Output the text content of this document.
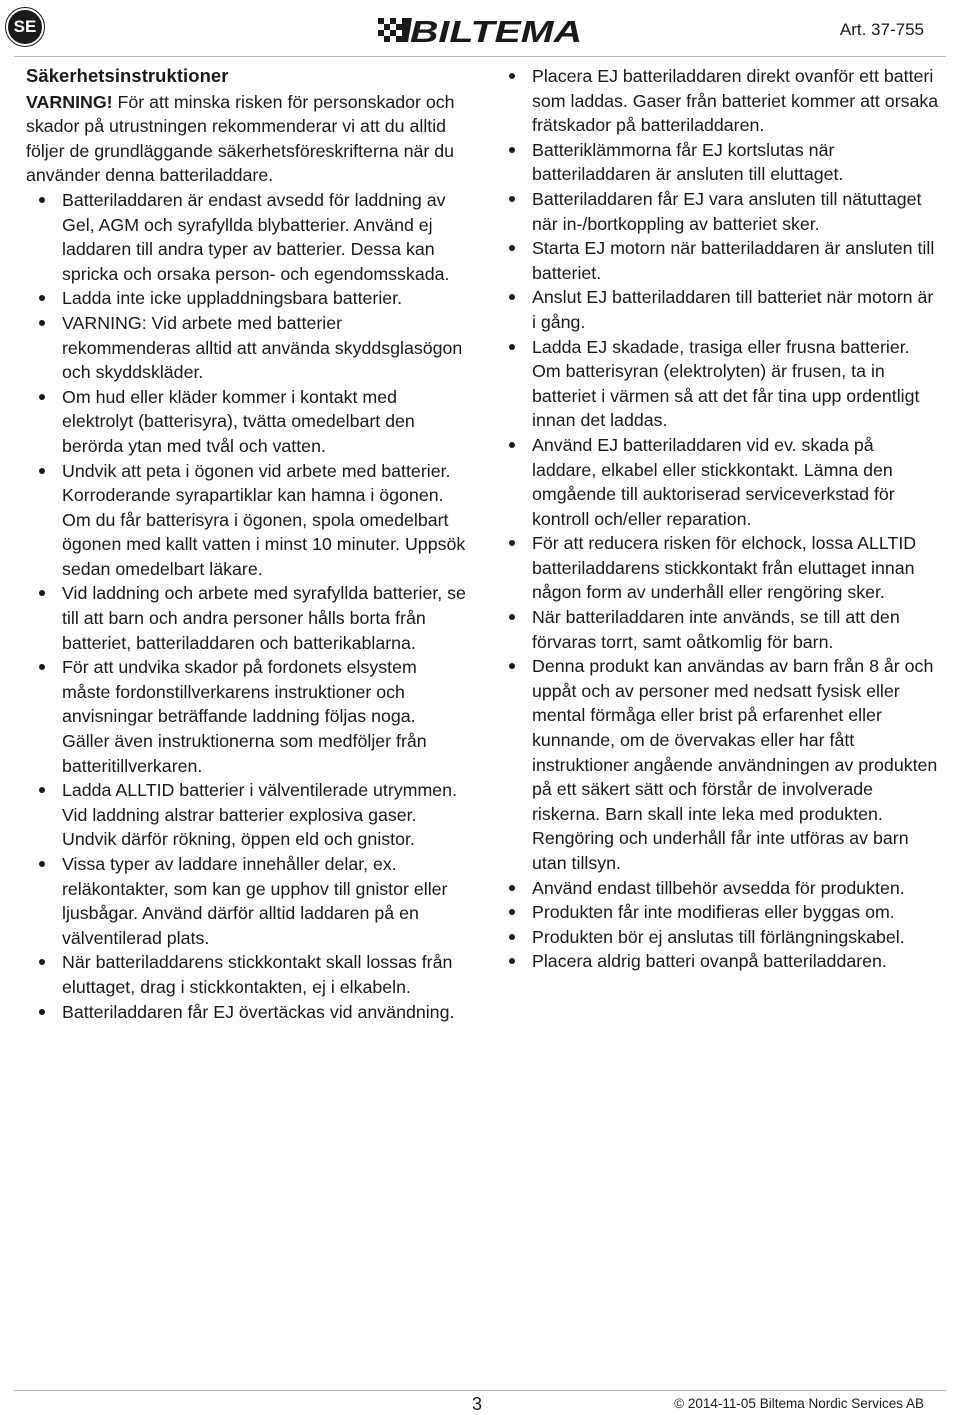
SE	BILTEMA	Art. 37-755
Säkerhetsinstruktioner

VARNING! För att minska risken för personskador och skador på utrustningen rekommenderar vi att du alltid följer de grundläggande säkerhetsföreskrifterna när du använder denna batteriladdare.

Batteriladdaren är endast avsedd för laddning av Gel, AGM och syrafyllda blybatterier. Använd ej laddaren till andra typer av batterier. Dessa kan spricka och orsaka person- och egendomsskada.
Ladda inte icke uppladdningsbara batterier.
VARNING: Vid arbete med batterier rekommenderas alltid att använda skyddsglasögon och skyddskläder.
Om hud eller kläder kommer i kontakt med elektrolyt (batterisyra), tvätta omedelbart den berörda ytan med tvål och vatten.
Undvik att peta i ögonen vid arbete med batterier. Korroderande syrapartiklar kan hamna i ögonen. Om du får batterisyra i ögonen, spola omedelbart ögonen med kallt vatten i minst 10 minuter. Uppsök sedan omedelbart läkare.
Vid laddning och arbete med syrafyllda batterier, se till att barn och andra personer hålls borta från batteriet, batteriladdaren och batterikablarna.
För att undvika skador på fordonets elsystem måste fordonstillverkarens instruktioner och anvisningar beträffande laddning följas noga. Gäller även instruktionerna som medföljer från batteritillverkaren.
Ladda ALLTID batterier i välventilerade utrymmen. Vid laddning alstrar batterier explosiva gaser. Undvik därför rökning, öppen eld och gnistor.
Vissa typer av laddare innehåller delar, ex. reläkontakter, som kan ge upphov till gnistor eller ljusbågar. Använd därför alltid laddaren på en välventilerad plats.
När batteriladdarens stickkontakt skall lossas från eluttaget, drag i stickkontakten, ej i elkabeln.
Batteriladdaren får EJ övertäckas vid användning.
Placera EJ batteriladdaren direkt ovanför ett batteri som laddas. Gaser från batteriet kommer att orsaka frätskador på batteriladdaren.
Batteriklämmorna får EJ kortslutas när batteriladdaren är ansluten till eluttaget.
Batteriladdaren får EJ vara ansluten till nätuttaget när in-/bortkoppling av batteriet sker.
Starta EJ motorn när batteriladdaren är ansluten till batteriet.
Anslut EJ batteriladdaren till batteriet när motorn är i gång.
Ladda EJ skadade, trasiga eller frusna batterier. Om batterisyran (elektrolyten) är frusen, ta in batteriet i värmen så att det får tina upp ordentligt innan det laddas.
Använd EJ batteriladdaren vid ev. skada på laddare, elkabel eller stickkontakt. Lämna den omgående till auktoriserad serviceverkstad för kontroll och/eller reparation.
För att reducera risken för elchock, lossa ALLTID batteriladdarens stickkontakt från eluttaget innan någon form av underhåll eller rengöring sker.
När batteriladdaren inte används, se till att den förvaras torrt, samt oåtkomlig för barn.
Denna produkt kan användas av barn från 8 år och uppåt och av personer med nedsatt fysisk eller mental förmåga eller brist på erfarenhet eller kunnande, om de övervakas eller har fått instruktioner angående användningen av produkten på ett säkert sätt och förstår de involverade riskerna. Barn skall inte leka med produkten. Rengöring och underhåll får inte utföras av barn utan tillsyn.
Använd endast tillbehör avsedda för produkten.
Produkten får inte modifieras eller byggas om.
Produkten bör ej anslutas till förlängningskabel.
Placera aldrig batteri ovanpå batteriladdaren.
3	© 2014-11-05 Biltema Nordic Services AB
